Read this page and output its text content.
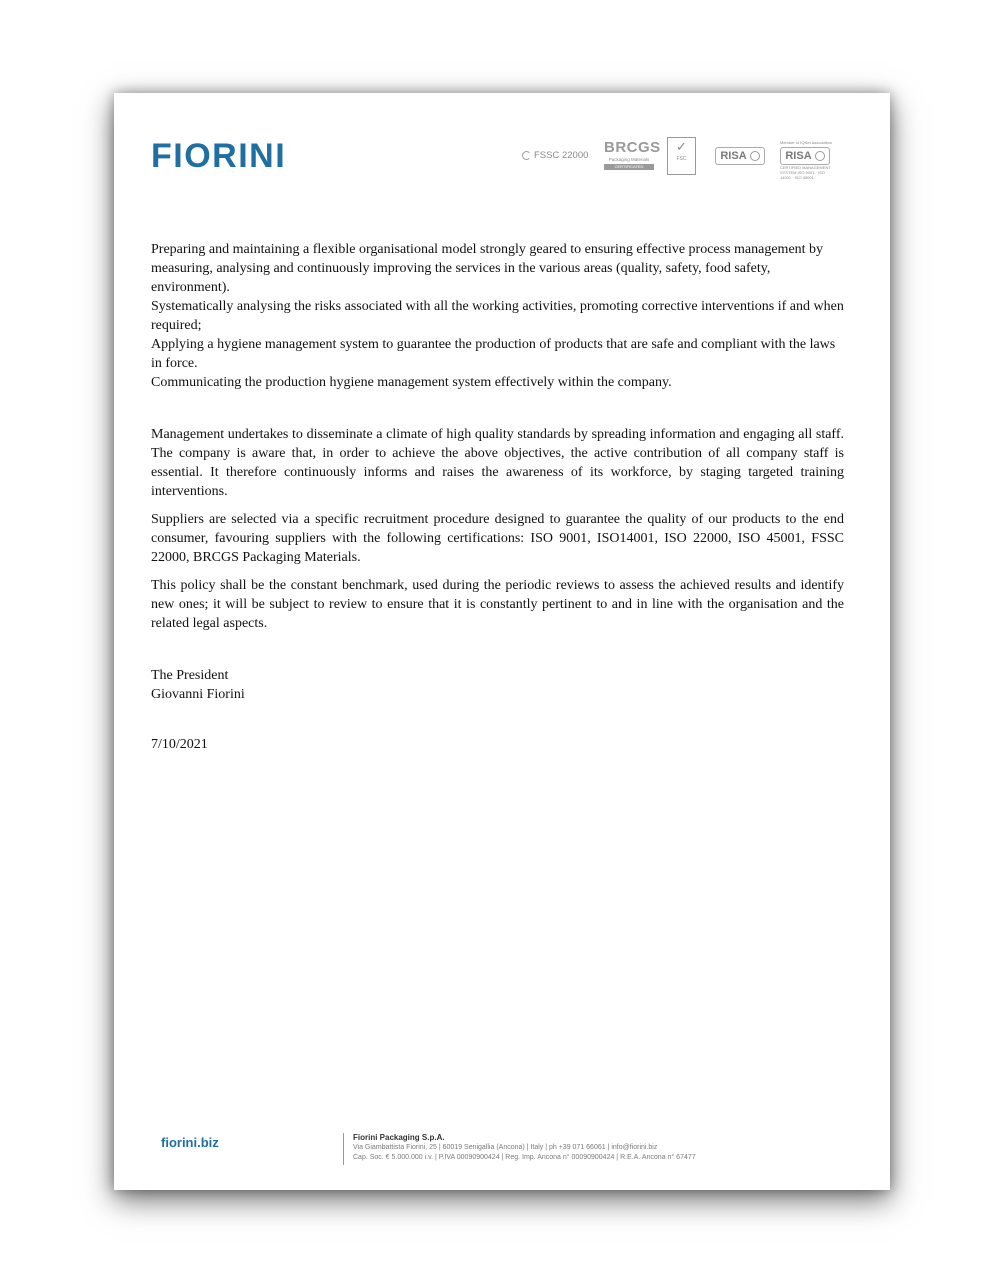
FIORINI	FSSC 22000 BRCGS
Packaging Materials
CERTIFICATED
✓
FSC	RISA
Member of IQNet Association
RISA
CERTIFIED MANAGEMENT SYSTEM ISO 9001 · ISO 14001 · ISO 45001

Preparing and maintaining a flexible organisational model strongly geared to ensuring effective process management by measuring, analysing and continuously improving the services in the various areas (quality, safety, food safety, environment).

Systematically analysing the risks associated with all the working activities, promoting corrective interventions if and when required;

Applying a hygiene management system to guarantee the production of products that are safe and compliant with the laws in force.

Communicating the production hygiene management system effectively within the company.

Management undertakes to disseminate a climate of high quality standards by spreading information and engaging all staff. The company is aware that, in order to achieve the above objectives, the active contribution of all company staff is essential. It therefore continuously informs and raises the awareness of its workforce, by staging targeted training interventions.

Suppliers are selected via a specific recruitment procedure designed to guarantee the quality of our products to the end consumer, favouring suppliers with the following certifications: ISO 9001, ISO14001, ISO 22000, ISO 45001, FSSC 22000, BRCGS Packaging Materials.

This policy shall be the constant benchmark, used during the periodic reviews to assess the achieved results and identify new ones; it will be subject to review to ensure that it is constantly pertinent to and in line with the organisation and the related legal aspects.

The President
Giovanni Fiorini
7/10/2021
fiorini.biz	Fiorini Packaging S.p.A.
Via Giambattista Fiorini, 25 | 60019 Senigallia (Ancona) | Italy | ph +39 071 66061 | info@fiorini.biz
Cap. Soc. € 5.000.000 i.v. | P.IVA 00090900424 | Reg. Imp. Ancona n° 00090900424 | R.E.A. Ancona n° 67477
